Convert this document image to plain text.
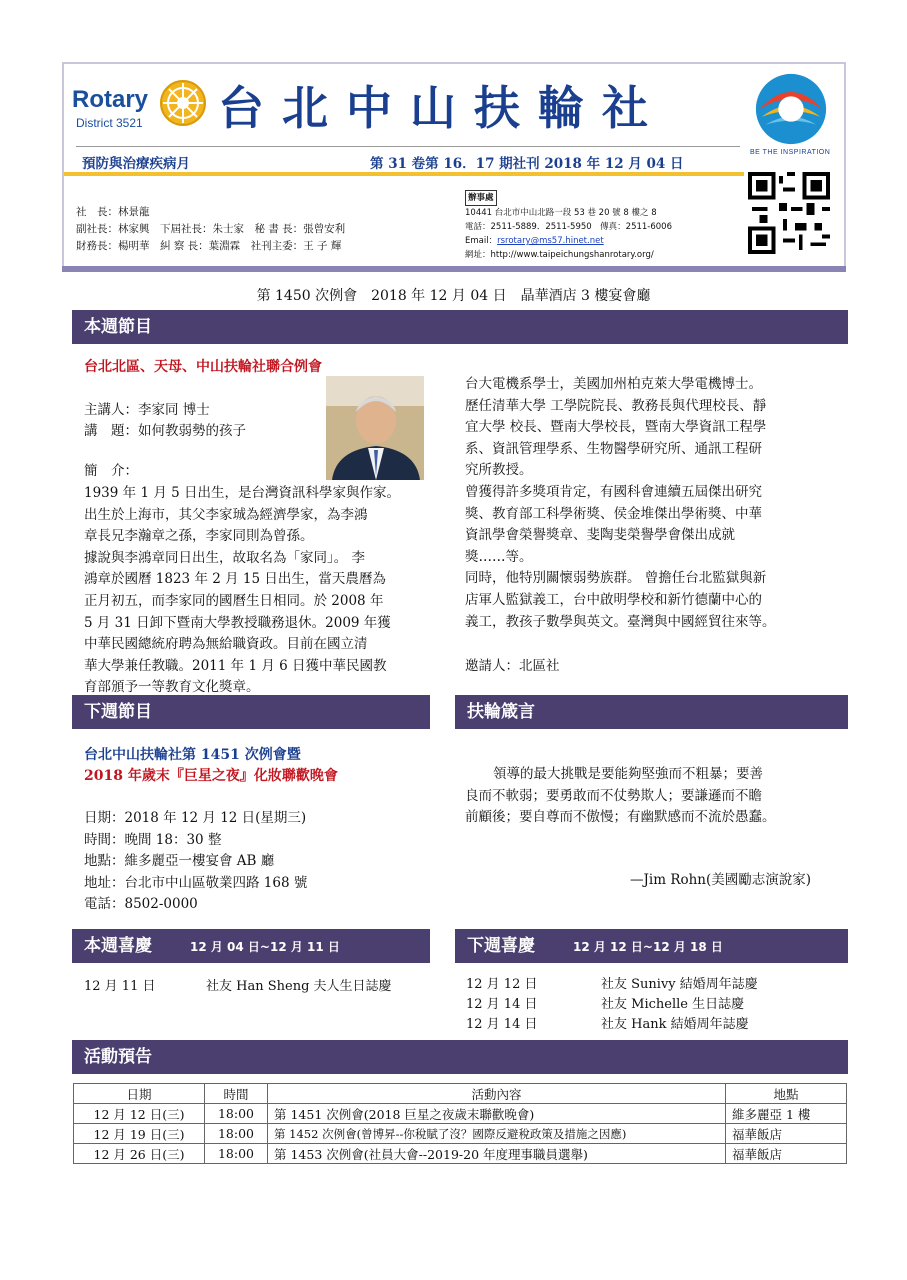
Rotary
District 3521 台北中山扶輪社
BE THE INSPIRATION
預防與治療疾病月	第 31 卷第 16．17 期社刊 2018 年 12 月 04 日
社　長：林景龍
副社長：林家興　下屆社長：朱士家　秘 書 長：張曾安利
財務長：楊明華　糾 察 長：葉淵霖　社刊主委：王 子 輝
辦事處
10441 台北市中山北路一段 53 巷 20 號 8 樓之 8
電話：2511-5889．2511-5950　傳真：2511-6006
Email：rsrotary@ms57.hinet.net
網址：http://www.taipeichungshanrotary.org/
第 1450 次例會　2018 年 12 月 04 日　晶華酒店 3 樓宴會廳
本週節目
台北北區、天母、中山扶輪社聯合例會
主講人：李家同 博士
講　題：如何教弱勢的孩子
簡　介：
1939 年 1 月 5 日出生，是台灣資訊科學家與作家。
出生於上海市，其父李家珹為經濟學家，為李鴻
章長兄李瀚章之孫，李家同則為曾孫。
據說與李鴻章同日出生，故取名為「家同」。 李
鴻章於國曆 1823 年 2 月 15 日出生，當天農曆為
正月初五，而李家同的國曆生日相同。於 2008 年
5 月 31 日卸下暨南大學教授職務退休。2009 年獲
中華民國總統府聘為無給職資政。目前在國立清
華大學兼任教職。2011 年 1 月 6 日獲中華民國教
育部頒予一等教育文化獎章。
台大電機系學士，美國加州柏克萊大學電機博士。
歷任清華大學 工學院院長、教務長與代理校長、靜
宜大學 校長、暨南大學校長，暨南大學資訊工程學
系、資訊管理學系、生物醫學研究所、通訊工程研
究所教授。
曾獲得許多獎項肯定，有國科會連續五屆傑出研究
獎、教育部工科學術獎、侯金堆傑出學術獎、中華
資訊學會榮譽獎章、斐陶斐榮譽學會傑出成就
獎……等。
同時，他特別關懷弱勢族群。 曾擔任台北監獄與新
店軍人監獄義工，台中啟明學校和新竹德蘭中心的
義工，教孩子數學與英文。臺灣與中國經貿往來等。
邀請人：北區社
下週節目	扶輪箴言
台北中山扶輪社第 1451 次例會暨
2018 年歲末『巨星之夜』化妝聯歡晚會
日期：2018 年 12 月 12 日(星期三)
時間：晚間 18：30 整
地點：維多麗亞一樓宴會 AB 廳
地址：台北市中山區敬業四路 168 號
電話：8502-0000
領導的最大挑戰是要能夠堅強而不粗暴；要善
良而不軟弱；要勇敢而不仗勢欺人；要謙遜而不瞻
前顧後；要自尊而不傲慢；有幽默感而不流於愚蠢。
—Jim Rohn(美國勵志演說家)
本週喜慶	12 月 04 日~12 月 11 日	下週喜慶	12 月 12 日~12 月 18 日
12 月 11 日	社友 Han Sheng 夫人生日誌慶	12 月 12 日	社友 Sunivy 結婚周年誌慶
12 月 14 日	社友 Michelle 生日誌慶
12 月 14 日	社友 Hank 結婚周年誌慶
活動預告
日期	時間	活動內容	地點
12 月 12 日(三)	18:00	第 1451 次例會(2018 巨星之夜歲末聯歡晚會)	維多麗亞 1 樓
12 月 19 日(三)	18:00	第 1452 次例會(曾博昇--你稅賦了沒？國際反避稅政策及措施之因應)	福華飯店
12 月 26 日(三)	18:00	第 1453 次例會(社員大會--2019-20 年度理事職員選舉)	福華飯店
